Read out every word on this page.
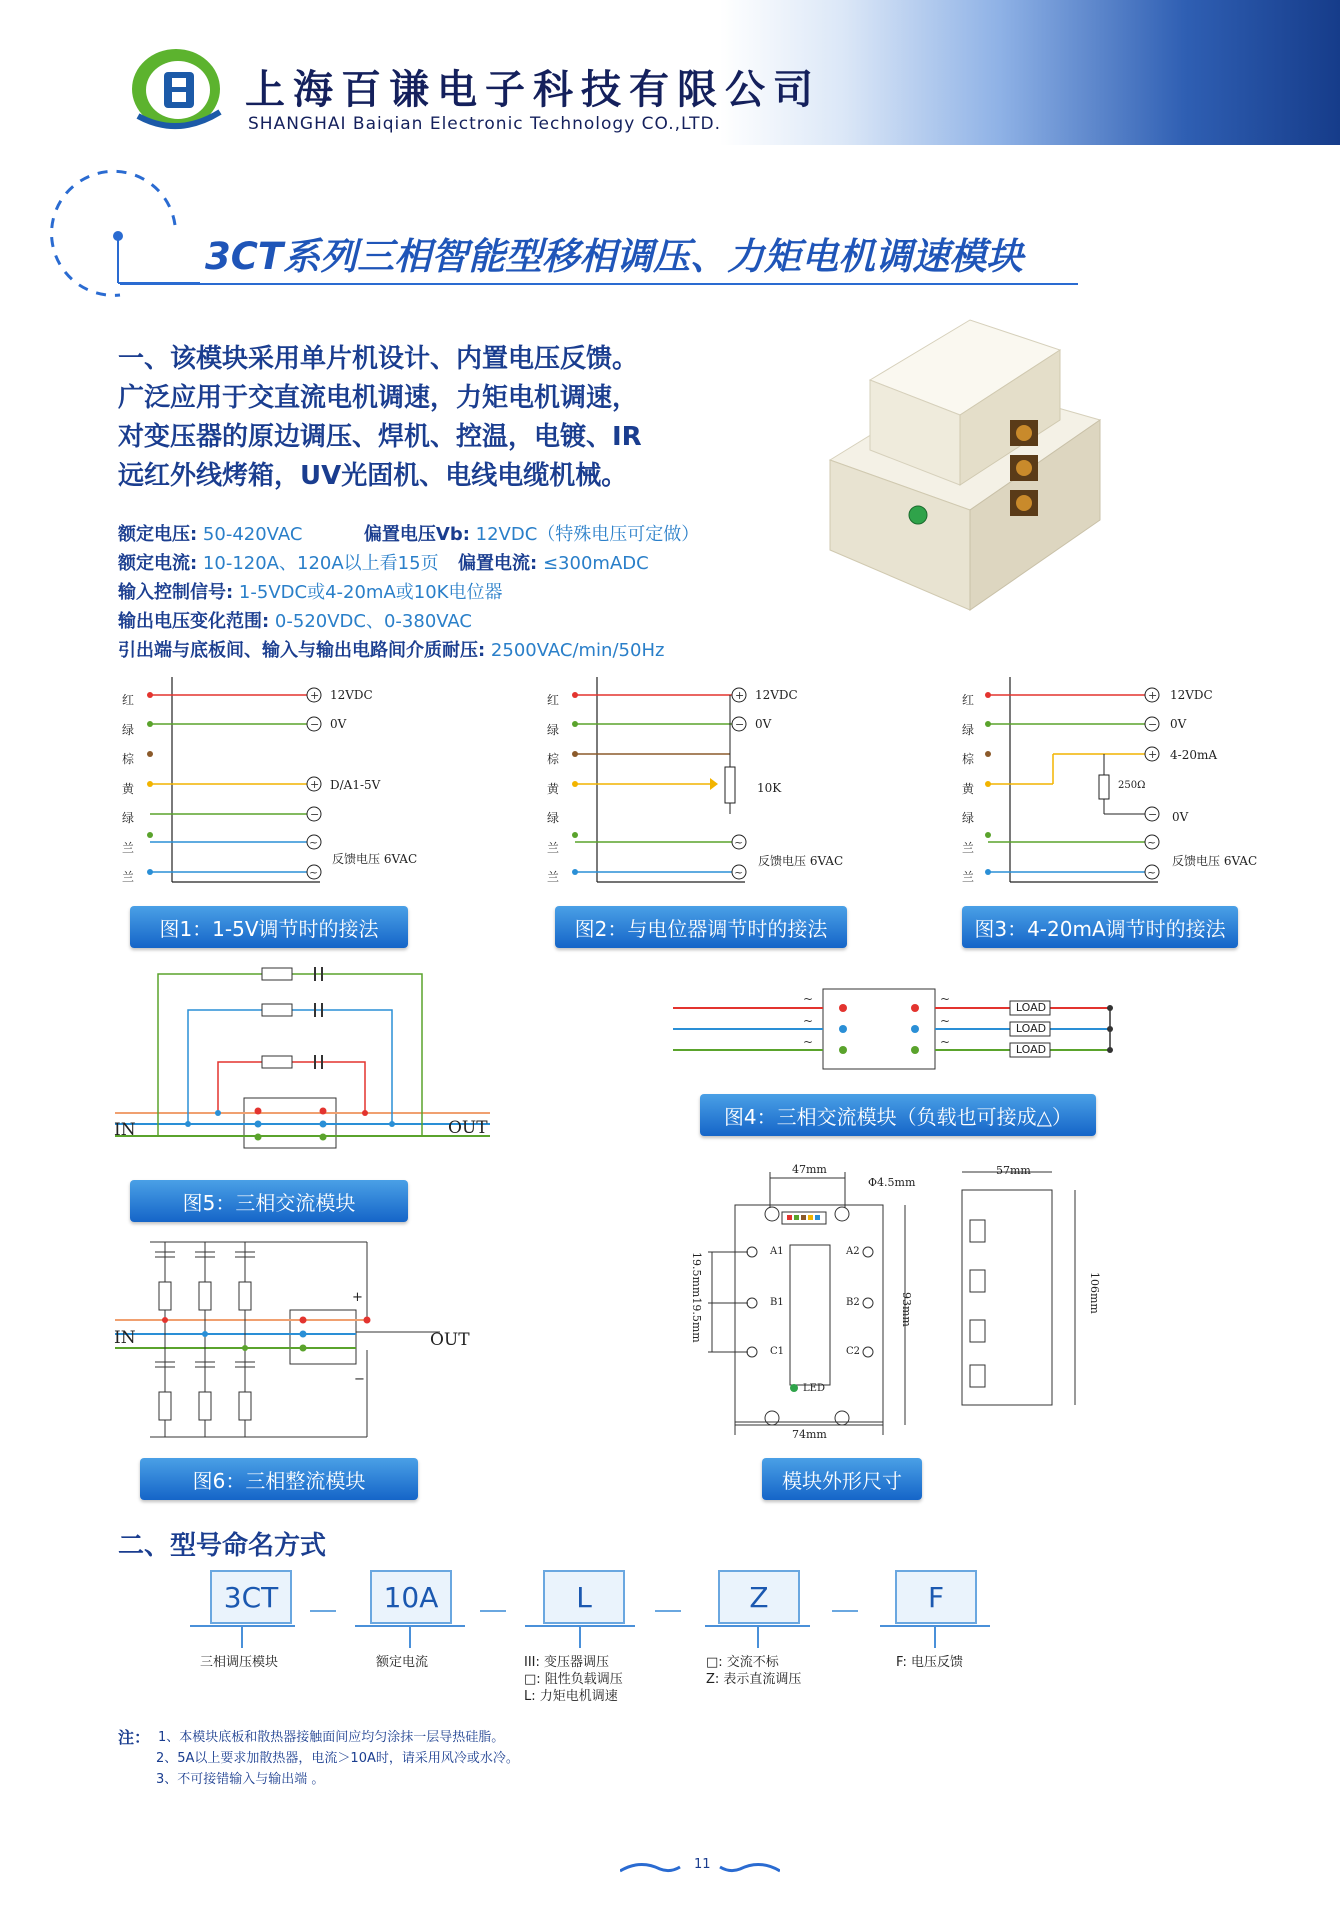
上海百谦电子科技有限公司
SHANGHAI Baiqian Electronic Technology CO.,LTD.
3CT系列三相智能型移相调压、力矩电机调速模块
一、该模块采用单片机设计、内置电压反馈。
广泛应用于交直流电机调速，力矩电机调速，
对变压器的原边调压、焊机、控温，电镀、IR
远红外线烤箱，UV光固机、电线电缆机械。
额定电压: 50-420VAC	偏置电压Vb: 12VDC（特殊电压可定做）
额定电流: 10-120A、120A以上看15页 偏置电流: ≤300mADC
输入控制信号: 1-5VDC或4-20mA或10K电位器
输出电压变化范围: 0-520VDC、0-380VAC
引出端与底板间、输入与输出电路间介质耐压: 2500VAC/min/50Hz
+
−
+
−
~
~
红
绿
棕
黄
绿
兰
兰
12VDC
0V
D/A1-5V
反馈电压 6VAC
图1：1-5V调节时的接法
+
−
~
~
红
绿
棕
黄
绿
兰
兰
12VDC
0V
10K
反馈电压 6VAC
图2：与电位器调节时的接法
+
−
+
−
~
~
红
绿
棕
黄
绿
兰
兰
12VDC
0V
4-20mA
250Ω
0V
反馈电压 6VAC
图3：4-20mA调节时的接法
IN	OUT
图5：三相交流模块
~
~
~
~
~
~
LOAD
LOAD
LOAD
图4：三相交流模块（负载也可接成△）
+
−
IN	OUT
图6：三相整流模块
47mm
Φ4.5mm
74mm
93mm
19.5mm19.5mm
57mm
106mm
A1	A2
B1	B2
C1	C2
LED
模块外形尺寸
二、型号命名方式
3CT	10A	L	Z	F
三相调压模块	额定电流	III: 变压器调压
□: 阻性负载调压
L: 力矩电机调速
□: 交流不标
Z: 表示直流调压
F: 电压反馈
注： 1、本模块底板和散热器接触面间应均匀涂抹一层导热硅脂。
2、5A以上要求加散热器，电流＞10A时，请采用风冷或水冷。
3、不可接错输入与输出端 。
11
